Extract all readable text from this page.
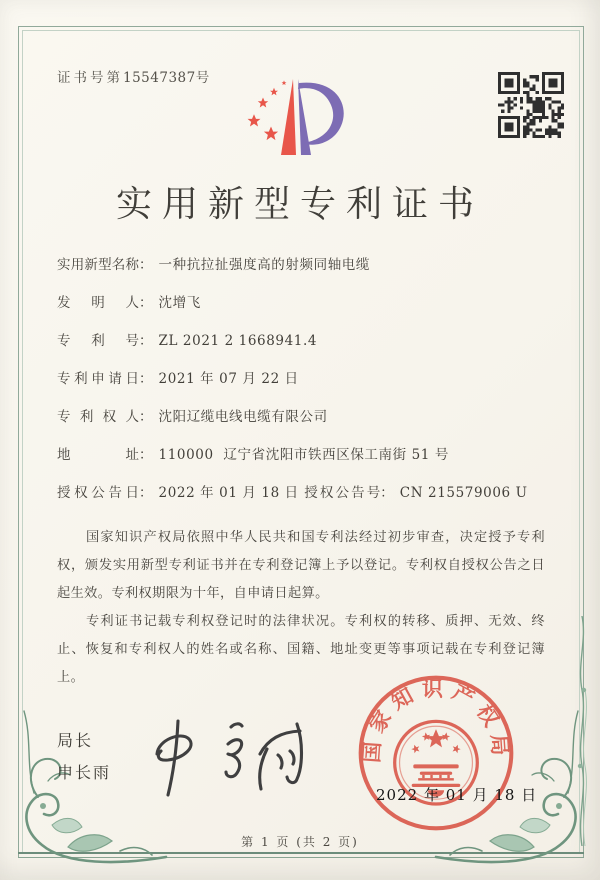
证书号第15547387号
实用新型专利证书
实用新型名称： 一种抗拉扯强度高的射频同轴电缆
发明人： 沈增飞
专利号： ZL 2021 2 1668941.4
专利申请日： 2021 年 07 月 22 日
专利权人： 沈阳辽缆电线电缆有限公司
地址： 110000  辽宁省沈阳市铁西区保工南街 51 号
授权公告日： 2022 年 01 月 18 日 授权公告号： CN 215579006 U

国家知识产权局依照中华人民共和国专利法经过初步审查，决定授予专利权，颁发实用新型专利证书并在专利登记簿上予以登记。专利权自授权公告之日起生效。专利权期限为十年，自申请日起算。

专利证书记载专利权登记时的法律状况。专利权的转移、质押、无效、终止、恢复和专利权人的姓名或名称、国籍、地址变更等事项记载在专利登记簿上。

局长
申长雨
国家知识产权局
2022 年 01 月 18 日
第 1 页 (共 2 页)
